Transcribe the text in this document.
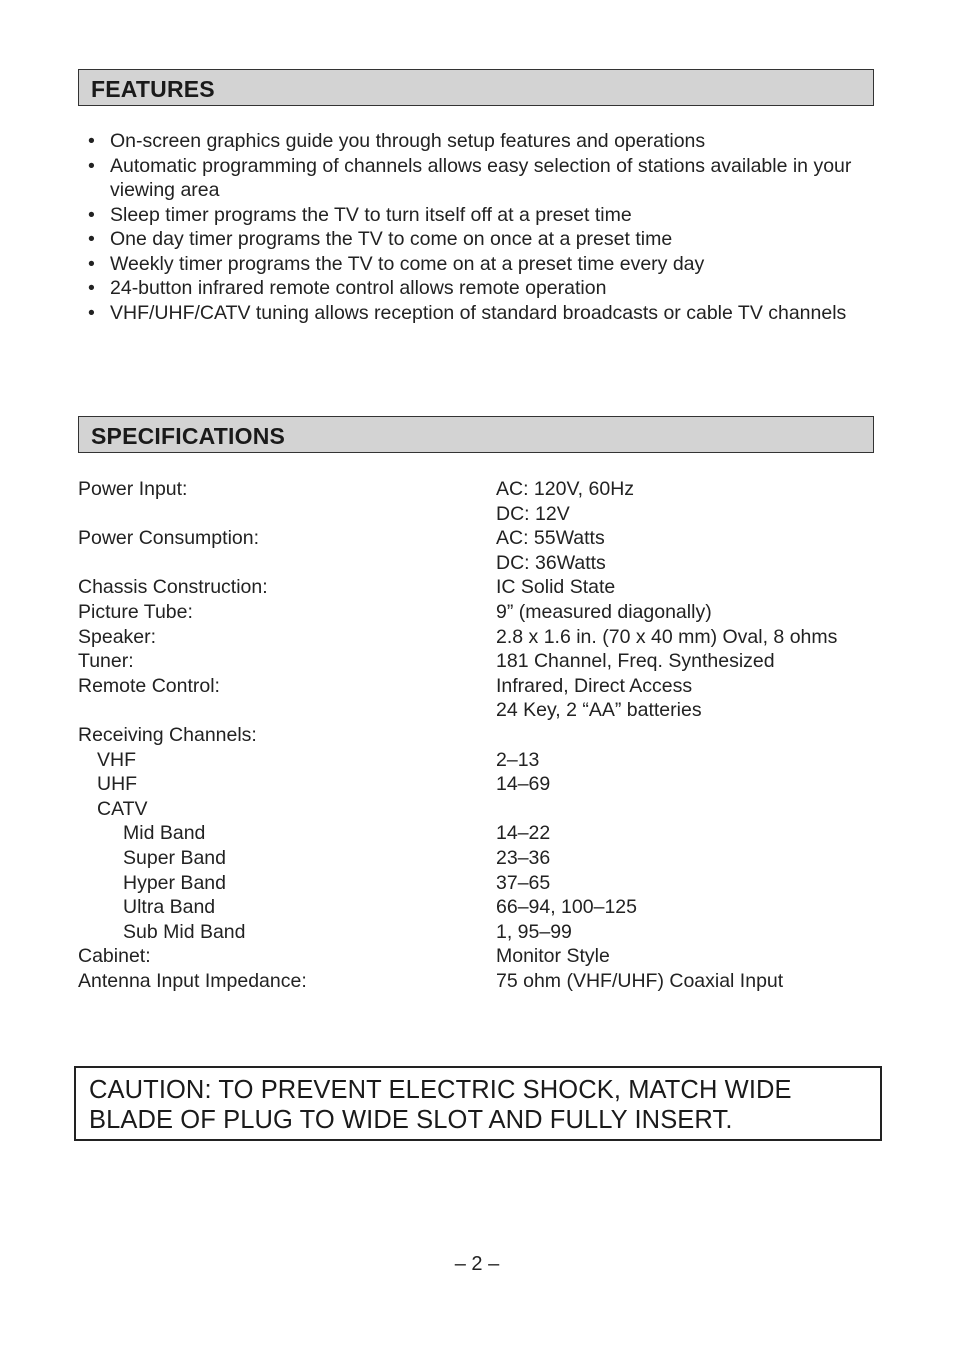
FEATURES
• On-screen graphics guide you through setup features and operations
• Automatic programming of channels allows easy selection of stations available in your viewing area
• Sleep timer programs the TV to turn itself off at a preset time
• One day timer programs the TV to come on once at a preset time
• Weekly timer programs the TV to come on at a preset time every day
• 24-button infrared remote control allows remote operation
• VHF/UHF/CATV tuning allows reception of standard broadcasts or cable TV channels
SPECIFICATIONS
Power Input:	AC: 120V, 60Hz
DC: 12V
Power Consumption:	AC: 55Watts
DC: 36Watts
Chassis Construction:	IC Solid State
Picture Tube:	9” (measured diagonally)
Speaker:	2.8 x 1.6 in. (70 x 40 mm) Oval, 8 ohms
Tuner:	181 Channel, Freq. Synthesized
Remote Control:	Infrared, Direct Access
24 Key, 2 “AA” batteries
Receiving Channels:
VHF	2–13
UHF	14–69
CATV
Mid Band	14–22
Super Band	23–36
Hyper Band	37–65
Ultra Band	66–94, 100–125
Sub Mid Band	1, 95–99
Cabinet:	Monitor Style
Antenna Input Impedance:	75 ohm (VHF/UHF) Coaxial Input
CAUTION: TO PREVENT ELECTRIC SHOCK, MATCH WIDE BLADE OF PLUG TO WIDE SLOT AND FULLY INSERT.
– 2 –
